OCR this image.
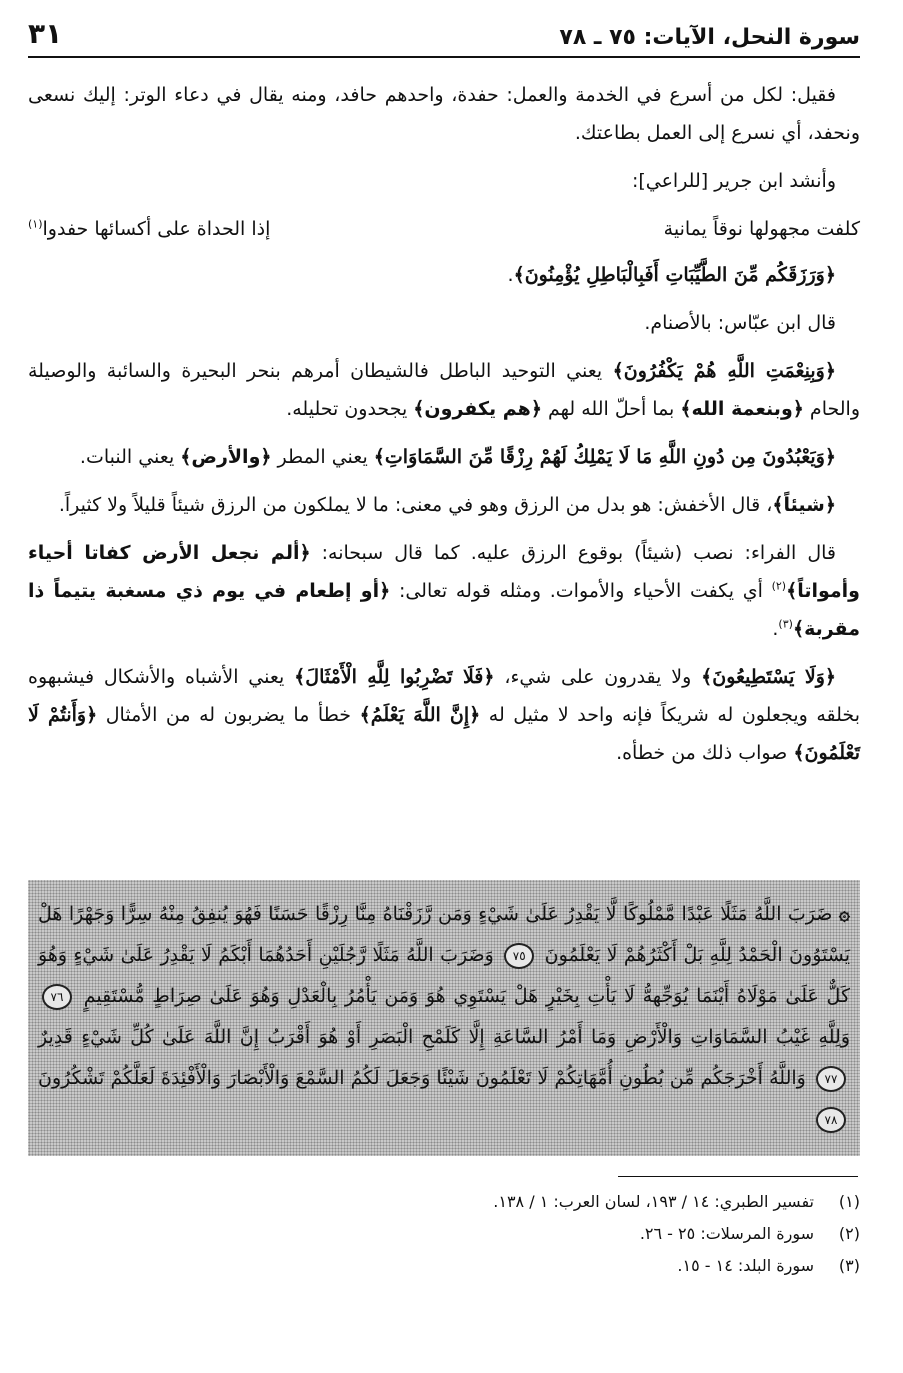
سورة النحل، الآيات: ٧٥ ـ ٧٨
٣١

فقيل: لكل من أسرع في الخدمة والعمل: حفدة، واحدهم حافد، ومنه يقال في دعاء الوتر: إليك نسعى ونحفد، أي نسرع إلى العمل بطاعتك.

وأنشد ابن جرير [للراعي]:

كلفت مجهولها نوقاً يمانية
إذا الحداة على أكسائها حفدوا$^{(١)}$

﴿وَرَزَقَكُم مِّنَ الطَّيِّبَاتِ أَفَبِالْبَاطِلِ يُؤْمِنُونَ﴾.

قال ابن عبّاس: بالأصنام.

﴿وَبِنِعْمَتِ اللَّهِ هُمْ يَكْفُرُونَ﴾ يعني التوحيد الباطل فالشيطان أمرهم بنحر البحيرة والسائبة والوصيلة والحام ﴿وبنعمة الله﴾ بما أحلّ الله لهم ﴿هم يكفرون﴾ يجحدون تحليله.

﴿وَيَعْبُدُونَ مِن دُونِ اللَّهِ مَا لَا يَمْلِكُ لَهُمْ رِزْقًا مِّنَ السَّمَاوَاتِ﴾ يعني المطر ﴿والأرض﴾ يعني النبات.

﴿شيئاً﴾، قال الأخفش: هو بدل من الرزق وهو في معنى: ما لا يملكون من الرزق شيئاً قليلاً ولا كثيراً.

قال الفراء: نصب (شيئاً) بوقوع الرزق عليه. كما قال سبحانه: ﴿ألم نجعل الأرض كفاتا أحياء وأمواتاً﴾$^{(٢)}$ أي يكفت الأحياء والأموات. ومثله قوله تعالى: ﴿أو إطعام في يوم ذي مسغبة يتيماً ذا مقربة﴾$^{(٣)}$.

﴿وَلَا يَسْتَطِيعُونَ﴾ ولا يقدرون على شيء، ﴿فَلَا تَضْرِبُوا لِلَّهِ الْأَمْثَالَ﴾ يعني الأشباه والأشكال فيشبهوه بخلقه ويجعلون له شريكاً فإنه واحد لا مثيل له ﴿إِنَّ اللَّهَ يَعْلَمُ﴾ خطأ ما يضربون له من الأمثال ﴿وَأَنتُمْ لَا تَعْلَمُونَ﴾ صواب ذلك من خطأه.

۞ ضَرَبَ اللَّهُ مَثَلًا عَبْدًا مَّمْلُوكًا لَّا يَقْدِرُ عَلَىٰ شَيْءٍ وَمَن رَّزَقْنَاهُ مِنَّا رِزْقًا حَسَنًا فَهُوَ يُنفِقُ مِنْهُ سِرًّا وَجَهْرًا هَلْ يَسْتَوُونَ الْحَمْدُ لِلَّهِ بَلْ أَكْثَرُهُمْ لَا يَعْلَمُونَ ٧٥ وَضَرَبَ اللَّهُ مَثَلًا رَّجُلَيْنِ أَحَدُهُمَا أَبْكَمُ لَا يَقْدِرُ عَلَىٰ شَيْءٍ وَهُوَ كَلٌّ عَلَىٰ مَوْلَاهُ أَيْنَمَا يُوَجِّههُّ لَا يَأْتِ بِخَيْرٍ هَلْ يَسْتَوِي هُوَ وَمَن يَأْمُرُ بِالْعَدْلِ وَهُوَ عَلَىٰ صِرَاطٍ مُّسْتَقِيمٍ ٧٦ وَلِلَّهِ غَيْبُ السَّمَاوَاتِ وَالْأَرْضِ وَمَا أَمْرُ السَّاعَةِ إِلَّا كَلَمْحِ الْبَصَرِ أَوْ هُوَ أَقْرَبُ إِنَّ اللَّهَ عَلَىٰ كُلِّ شَيْءٍ قَدِيرٌ ٧٧ وَاللَّهُ أَخْرَجَكُم مِّن بُطُونِ أُمَّهَاتِكُمْ لَا تَعْلَمُونَ شَيْئًا وَجَعَلَ لَكُمُ السَّمْعَ وَالْأَبْصَارَ وَالْأَفْئِدَةَ لَعَلَّكُمْ تَشْكُرُونَ ٧٨
(١)
تفسير الطبري: ١٤ / ١٩٣، لسان العرب: ١ / ١٣٨.
(٢)
سورة المرسلات: ٢٥ - ٢٦.
(٣)
سورة البلد: ١٤ - ١٥.
